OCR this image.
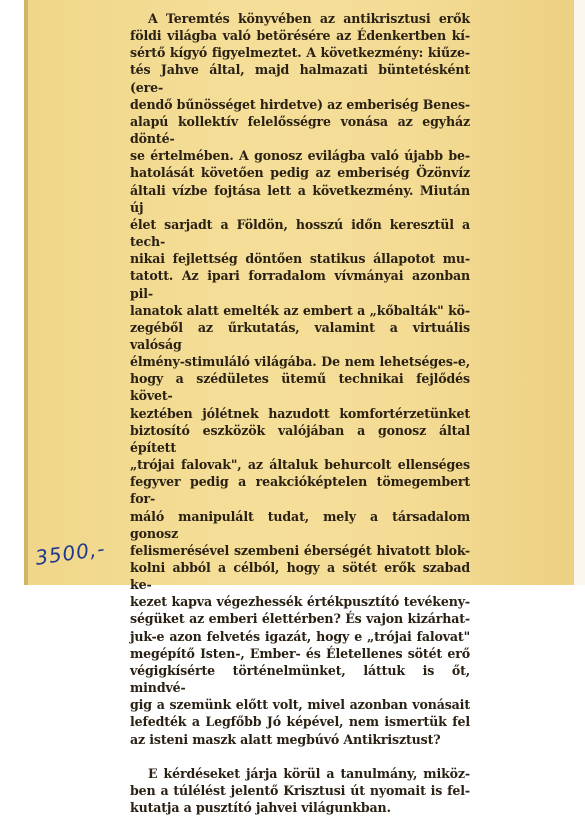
A Teremtés könyvében az antikrisztusi erők

földi világba való betörésére az Édenkertben kí-

sértő kígyó figyelmeztet. A következmény: kiűze-

tés Jahve által, majd halmazati büntetésként (ere-

dendő bűnösséget hirdetve) az emberiség Benes-

alapú kollektív felelősségre vonása az egyház dönté-

se értelmében. A gonosz evilágba való újabb be-

hatolását követően pedig az emberiség Özönvíz

általi vízbe fojtása lett a következmény. Miután új

élet sarjadt a Földön, hosszú időn keresztül a tech-

nikai fejlettség döntően statikus állapotot mu-

tatott. Az ipari forradalom vívmányai azonban pil-

lanatok alatt emelték az embert a „kőbalták" kö-

zegéből az űrkutatás, valamint a virtuális valóság

élmény-stimuláló világába. De nem lehetséges-e,

hogy a szédületes ütemű technikai fejlődés követ-

keztében jólétnek hazudott komfortérzetünket

biztosító eszközök valójában a gonosz által épített

„trójai falovak", az általuk behurcolt ellenséges

fegyver pedig a reakcióképtelen tömegembert for-

máló manipulált tudat, mely a társadalom gonosz

felismerésével szembeni éberségét hivatott blok-

kolni abból a célból, hogy a sötét erők szabad ke-

kezet kapva végezhessék értékpusztító tevékeny-

ségüket az emberi élettérben? És vajon kizárhat-

juk-e azon felvetés igazát, hogy e „trójai falovat"

megépítő Isten-, Ember- és Életellenes sötét erő

végigkísérte történelmünket, láttuk is őt, mindvé-

gig a szemünk előtt volt, mivel azonban vonásait

lefedték a Legfőbb Jó képével, nem ismertük fel

az isteni maszk alatt megbúvó Antikrisztust?

E kérdéseket járja körül a tanulmány, miköz-

ben a túlélést jelentő Krisztusi út nyomait is fel-

kutatja a pusztító jahvei világunkban.

3500,-
